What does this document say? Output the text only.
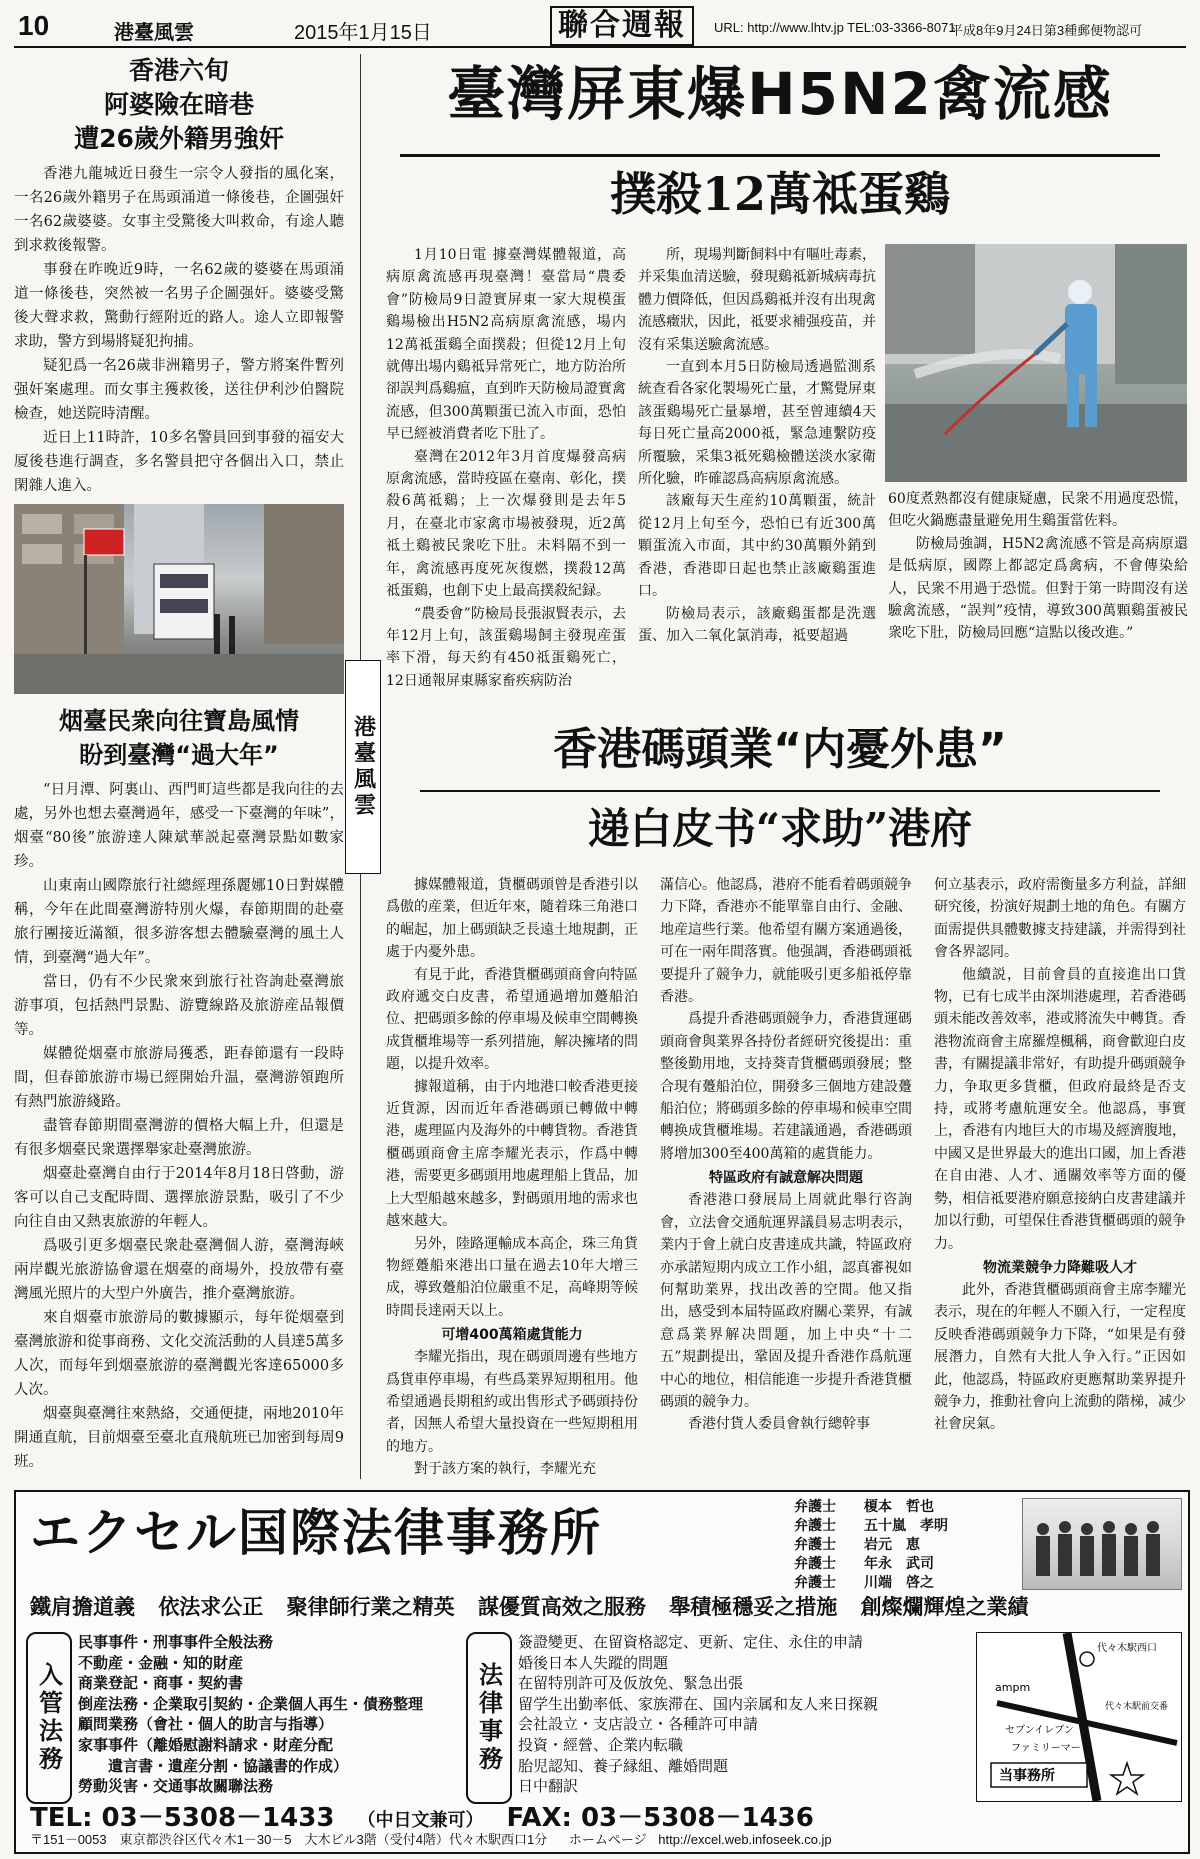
10	港臺風雲	2015年1月15日	聯合週報	URL: http://www.lhtv.jp TEL:03-3366-8071
平成8年9月24日第3種郵便物認可
香港六旬
阿婆險在暗巷
遭26歲外籍男強奸

香港九龍城近日發生一宗令人發指的風化案，一名26歲外籍男子在馬頭涌道一條後巷，企圖强奸一名62歲婆婆。女事主受驚後大叫救命，有途人聽到求救後報警。

事發在昨晚近9時，一名62歲的婆婆在馬頭涌道一條後巷，突然被一名男子企圖强奸。婆婆受驚後大聲求救，驚動行經附近的路人。途人立即報警求助，警方到場將疑犯拘捕。

疑犯爲一名26歲非洲籍男子，警方將案件暫列强奸案處理。而女事主獲救後，送往伊利沙伯醫院檢查，她送院時清醒。

近日上11時許，10多名警員回到事發的福安大厦後巷進行調查，多名警員把守各個出入口，禁止閑雜人進入。

烟臺民衆向往寶島風情
盼到臺灣“過大年”

“日月潭、阿裏山、西門町這些都是我向往的去處，另外也想去臺灣過年，感受一下臺灣的年味”，烟臺“80後”旅游達人陳斌華説起臺灣景點如數家珍。

山東南山國際旅行社總經理孫麗娜10日對媒體稱，今年在此間臺灣游特別火爆，春節期間的赴臺旅行團接近滿額，很多游客想去體驗臺灣的風土人情，到臺灣“過大年”。

當日，仍有不少民衆來到旅行社咨詢赴臺灣旅游事項，包括熱門景點、游覽線路及旅游産品報價等。

媒體從烟臺市旅游局獲悉，距春節還有一段時間，但春節旅游市場已經開始升温，臺灣游領跑所有熱門旅游綫路。

盡管春節期間臺灣游的價格大幅上升，但還是有很多烟臺民衆選擇舉家赴臺灣旅游。

烟臺赴臺灣自由行于2014年8月18日啓動，游客可以自己支配時間、選擇旅游景點，吸引了不少向往自由又熱衷旅游的年輕人。

爲吸引更多烟臺民衆赴臺灣個人游，臺灣海峽兩岸觀光旅游協會還在烟臺的商場外，投放帶有臺灣風光照片的大型户外廣告，推介臺灣旅游。

來自烟臺市旅游局的數據顯示，每年從烟臺到臺灣旅游和從事商務、文化交流活動的人員達5萬多人次，而每年到烟臺旅游的臺灣觀光客達65000多人次。

烟臺與臺灣往來熱絡，交通便捷，兩地2010年開通直航，目前烟臺至臺北直飛航班已加密到每周9班。

港臺風雲
臺灣屏東爆H5N2禽流感
撲殺12萬祗蛋鷄

1月10日電 據臺灣媒體報道，高病原禽流感再現臺灣！臺當局“農委會”防檢局9日證實屏東一家大規模蛋鷄場檢出H5N2高病原禽流感，場内12萬祗蛋鷄全面撲殺；但從12月上旬就傳出場内鷄祗异常死亡，地方防治所卻誤判爲鷄瘟，直到昨天防檢局證實禽流感，但300萬顆蛋已流入市面，恐怕早已經被消費者吃下肚了。

臺灣在2012年3月首度爆發高病原禽流感，當時疫區在臺南、彰化，撲殺6萬祗鷄；上一次爆發則是去年5月，在臺北市家禽市場被發現，近2萬祗土鷄被民衆吃下肚。未料隔不到一年，禽流感再度死灰復燃，撲殺12萬祗蛋鷄，也創下史上最高撲殺紀録。

“農委會”防檢局長張淑賢表示，去年12月上旬，該蛋鷄場飼主發現産蛋率下滑，每天約有450祗蛋鷄死亡，12日通報屏東縣家畜疾病防治

所，現場判斷飼料中有嘔吐毒素，并采集血清送驗，發現鷄祗新城病毒抗體力價降低，但因爲鷄祗并沒有出現禽流感癥狀，因此，祗要求補强疫苗，并沒有采集送驗禽流感。

一直到本月5日防檢局透過監測系統查看各家化製場死亡量，才驚覺屏東該蛋鷄場死亡量暴增，甚至曾連續4天每日死亡量高2000祗，緊急連繫防疫所覆驗，采集3祗死鷄檢體送淡水家衛所化驗，昨確認爲高病原禽流感。

該廠每天生産約10萬顆蛋，統計從12月上旬至今，恐怕已有近300萬顆蛋流入市面，其中約30萬顆外銷到香港，香港即日起也禁止該廠鷄蛋進口。

防檢局表示，該廠鷄蛋都是洗選蛋、加入二氧化氯消毒，祗要超過

60度煮熟都沒有健康疑慮，民衆不用過度恐慌，但吃火鍋應盡量避免用生鷄蛋當佐料。

防檢局強調，H5N2禽流感不管是高病原還是低病原，國際上都認定爲禽病，不會傳染給人，民衆不用過于恐慌。但對于第一時間沒有送驗禽流感，“誤判”疫情，導致300萬顆鷄蛋被民衆吃下肚，防檢局回應“這點以後改進。”

香港碼頭業“内憂外患”
递白皮书“求助”港府

據媒體報道，貨櫃碼頭曾是香港引以爲傲的産業，但近年來，隨着珠三角港口的崛起，加上碼頭缺乏長遠土地規劃，正處于内憂外患。

有見于此，香港貨櫃碼頭商會向特區政府遞交白皮書，希望通過增加躉船泊位、把碼頭多餘的停車場及候車空間轉換成貨櫃堆場等一系列措施，解决擁堵的問題，以提升效率。

據報道稱，由于内地港口較香港更接近貨源，因而近年香港碼頭已轉做中轉港，處理區内及海外的中轉貨物。香港貨櫃碼頭商會主席李耀光表示，作爲中轉港，需要更多碼頭用地處理船上貨品，加上大型船越來越多，對碼頭用地的需求也越來越大。

另外，陸路運輸成本高企，珠三角貨物經躉船來港出口量在過去10年大增三成，導致躉船泊位嚴重不足，高峰期等候時間長達兩天以上。

可增400萬箱處貨能力

李耀光指出，現在碼頭周邊有些地方爲貨車停車場，有些爲業界短期租用。他希望通過長期租約或出售形式予碼頭持份者，因無人希望大量投資在一些短期租用的地方。

對于該方案的執行，李耀光充

滿信心。他認爲，港府不能看着碼頭競争力下降，香港亦不能單靠自由行、金融、地産這些行業。他希望有關方案通過後，可在一兩年間落實。他强調，香港碼頭祗要提升了競争力，就能吸引更多船祗停靠香港。

爲提升香港碼頭競争力，香港貨運碼頭商會與業界各持份者經研究後提出：重整後勤用地，支持葵青貨櫃碼頭發展；整合現有躉船泊位，開發多三個地方建設躉船泊位；將碼頭多餘的停車場和候車空間轉换成貨櫃堆場。若建議通過，香港碼頭將增加300至400萬箱的處貨能力。

特區政府有誠意解决問題

香港港口發展局上周就此舉行咨詢會，立法會交通航運界議員易志明表示，業内于會上就白皮書達成共識，特區政府亦承諾短期内成立工作小組，認真審視如何幫助業界，找出改善的空間。他又指出，感受到本届特區政府關心業界，有誠意爲業界解决問題，加上中央“十二五”規劃提出，鞏固及提升香港作爲航運中心的地位，相信能進一步提升香港貨櫃碼頭的競争力。

香港付貨人委員會執行總幹事

何立基表示，政府需衡量多方利益，詳細研究後，扮演好規劃土地的角色。有關方面需提供具體數據支持建議，并需得到社會各界認同。

他續説，目前會員的直接進出口貨物，已有七成半由深圳港處理，若香港碼頭未能改善效率，港或將流失中轉貨。香港物流商會主席羅煌楓稱，商會歡迎白皮書，有關提議非常好，有助提升碼頭競争力，争取更多貨櫃，但政府最終是否支持，或將考慮航運安全。他認爲，事實上，香港有内地巨大的市場及經濟腹地，中國又是世界最大的進出口國，加上香港在自由港、人才、通關效率等方面的優勢，相信祗要港府願意接納白皮書建議并加以行動，可望保住香港貨櫃碼頭的競争力。

物流業競争力降難吸人才

此外，香港貨櫃碼頭商會主席李耀光表示，現在的年輕人不願入行，一定程度反映香港碼頭競争力下降，“如果是有發展潛力，自然有大批人争入行。”正因如此，他認爲，特區政府更應幫助業界提升競争力，推動社會向上流動的階梯，减少社會戾氣。

エクセル国際法律事務所	弁護士	榎本　哲也
弁護士	五十嵐　孝明
弁護士	岩元　恵
弁護士	年永　武司
弁護士	川端　啓之
鐵肩擔道義 依法求公正 聚律師行業之精英 謀優質高效之服務 舉積極穩妥之措施 創燦爛輝煌之業績
入管法務
民事事件・刑事事件全般法務
不動産・金融・知的財産
商業登記・商事・契約書
倒産法務・企業取引契約・企業個人再生・債務整理
顧問業務（會社・個人的助言与指導）
家事事件（離婚慰謝料請求・財産分配
遺言書・遺産分割・協議書的作成）
勞動災害・交通事故關聯法務
法律事務
簽證變更、在留資格認定、更新、定住、永住的申請
婚後日本人失蹤的問題
在留特別許可及仮放免、緊急出張
留学生出勤率低、家族滞在、国内亲属和友人来日探親
会社設立・支店設立・各種許可申請
投資・經營、企業内転職
胎児認知、養子縁組、離婚問題
日中翻訳
代々木駅西口
ampm
代々木駅前交番
セブンイレブン
ファミリーマート
当事務所
TEL: 03－5308－1433 （中日文兼可） FAX: 03－5308－1436
〒151－0053　東京都渋谷区代々木1－30－5　大木ビル3階（受付4階）代々木駅西口1分 ホームページ http://excel.web.infoseek.co.jp
